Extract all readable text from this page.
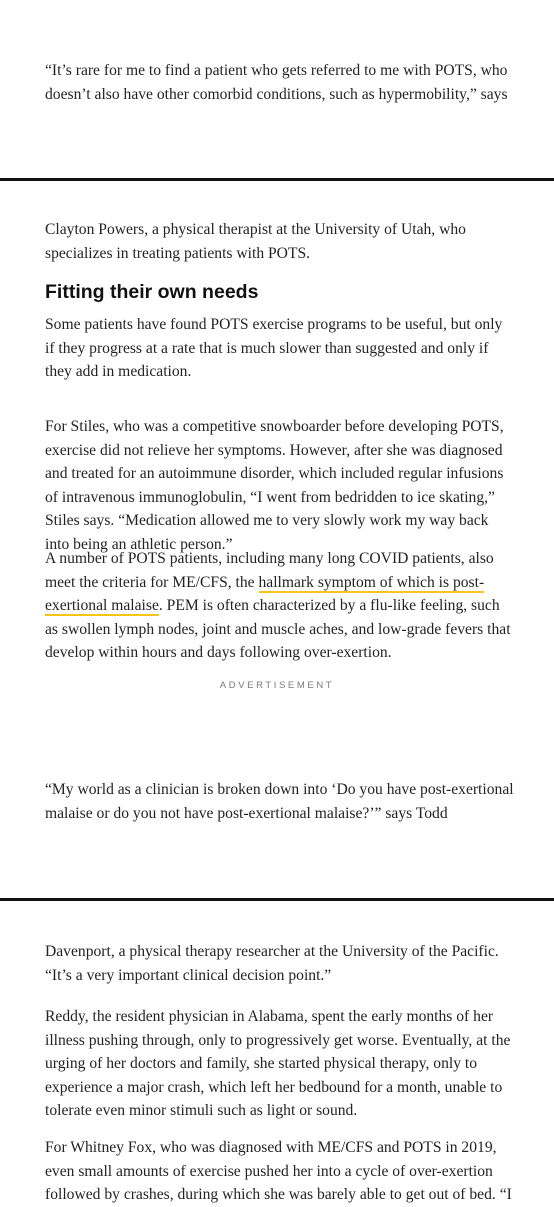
“It’s rare for me to find a patient who gets referred to me with POTS, who doesn’t also have other comorbid conditions, such as hypermobility,” says

Clayton Powers, a physical therapist at the University of Utah, who specializes in treating patients with POTS.

Fitting their own needs

Some patients have found POTS exercise programs to be useful, but only if they progress at a rate that is much slower than suggested and only if they add in medication.

For Stiles, who was a competitive snowboarder before developing POTS, exercise did not relieve her symptoms. However, after she was diagnosed and treated for an autoimmune disorder, which included regular infusions of intravenous immunoglobulin, “I went from bedridden to ice skating,” Stiles says. “Medication allowed me to very slowly work my way back into being an athletic person.”

A number of POTS patients, including many long COVID patients, also meet the criteria for ME/CFS, the hallmark symptom of which is post-exertional malaise. PEM is often characterized by a flu-like feeling, such as swollen lymph nodes, joint and muscle aches, and low-grade fevers that develop within hours and days following over-exertion.

ADVERTISEMENT

“My world as a clinician is broken down into ‘Do you have post-exertional malaise or do you not have post-exertional malaise?’” says Todd

Davenport, a physical therapy researcher at the University of the Pacific. “It’s a very important clinical decision point.”

Reddy, the resident physician in Alabama, spent the early months of her illness pushing through, only to progressively get worse. Eventually, at the urging of her doctors and family, she started physical therapy, only to experience a major crash, which left her bedbound for a month, unable to tolerate even minor stimuli such as light or sound.

For Whitney Fox, who was diagnosed with ME/CFS and POTS in 2019, even small amounts of exercise pushed her into a cycle of over-exertion followed by crashes, during which she was barely able to get out of bed. “I
